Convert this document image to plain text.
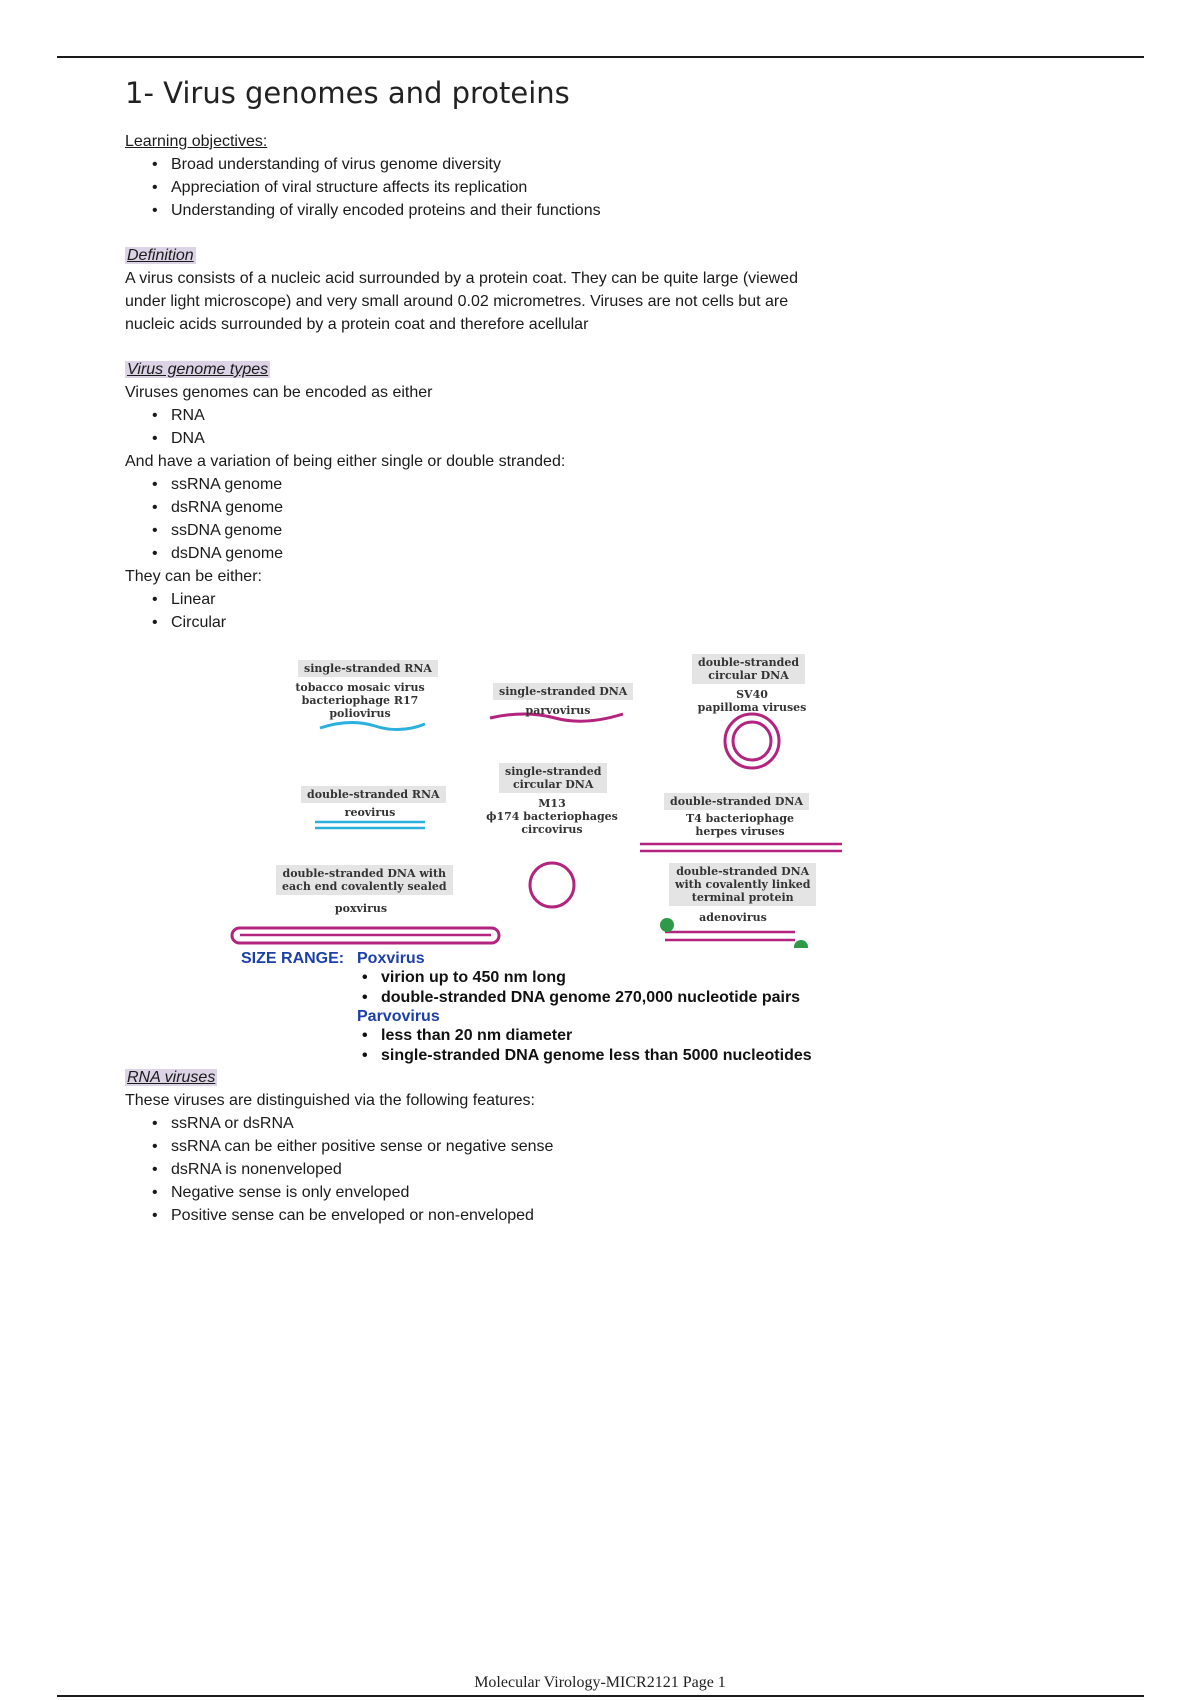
1- Virus genomes and proteins
Learning objectives:
• Broad understanding of virus genome diversity
• Appreciation of viral structure affects its replication
• Understanding of virally encoded proteins and their functions
Definition
A virus consists of a nucleic acid surrounded by a protein coat. They can be quite large (viewed
under light microscope) and very small around 0.02 micrometres. Viruses are not cells but are
nucleic acids surrounded by a protein coat and therefore acellular
Virus genome types
Viruses genomes can be encoded as either
• RNA
• DNA
And have a variation of being either single or double stranded:
• ssRNA genome
• dsRNA genome
• ssDNA genome
• dsDNA genome
They can be either:
• Linear
• Circular
single-stranded RNA
tobacco mosaic virus
bacteriophage R17
poliovirus
single-stranded DNA
parvovirus
double-stranded
circular DNA
SV40
papilloma viruses
double-stranded RNA
reovirus
single-stranded
circular DNA
M13
ϕ174 bacteriophages
circovirus
double-stranded DNA
T4 bacteriophage
herpes viruses
double-stranded DNA with
each end covalently sealed
poxvirus
double-stranded DNA
with covalently linked
terminal protein
adenovirus
SIZE RANGE: Poxvirus
• virion up to 450 nm long
• double-stranded DNA genome 270,000 nucleotide pairs
Parvovirus
• less than 20 nm diameter
• single-stranded DNA genome less than 5000 nucleotides
RNA viruses
These viruses are distinguished via the following features:
• ssRNA or dsRNA
• ssRNA can be either positive sense or negative sense
• dsRNA is nonenveloped
• Negative sense is only enveloped
• Positive sense can be enveloped or non-enveloped
Molecular Virology-MICR2121 Page 1
